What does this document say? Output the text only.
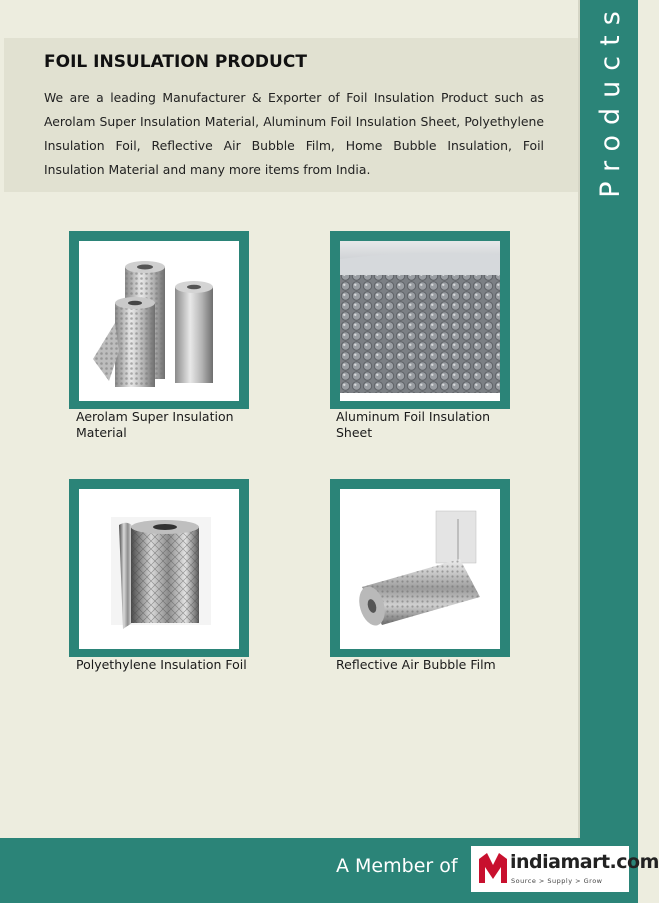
Products
FOIL INSULATION PRODUCT
We are a leading Manufacturer & Exporter of Foil Insulation Product such as Aerolam Super Insulation Material, Aluminum Foil Insulation Sheet, Polyethylene Insulation Foil, Reflective Air Bubble Film, Home Bubble Insulation, Foil Insulation Material and many more items from India.
Aerolam Super Insulation Material
Aluminum Foil Insulation Sheet
Polyethylene Insulation Foil	Reflective Air Bubble Film
A Member of	indiamart.com
Source > Supply > Grow
